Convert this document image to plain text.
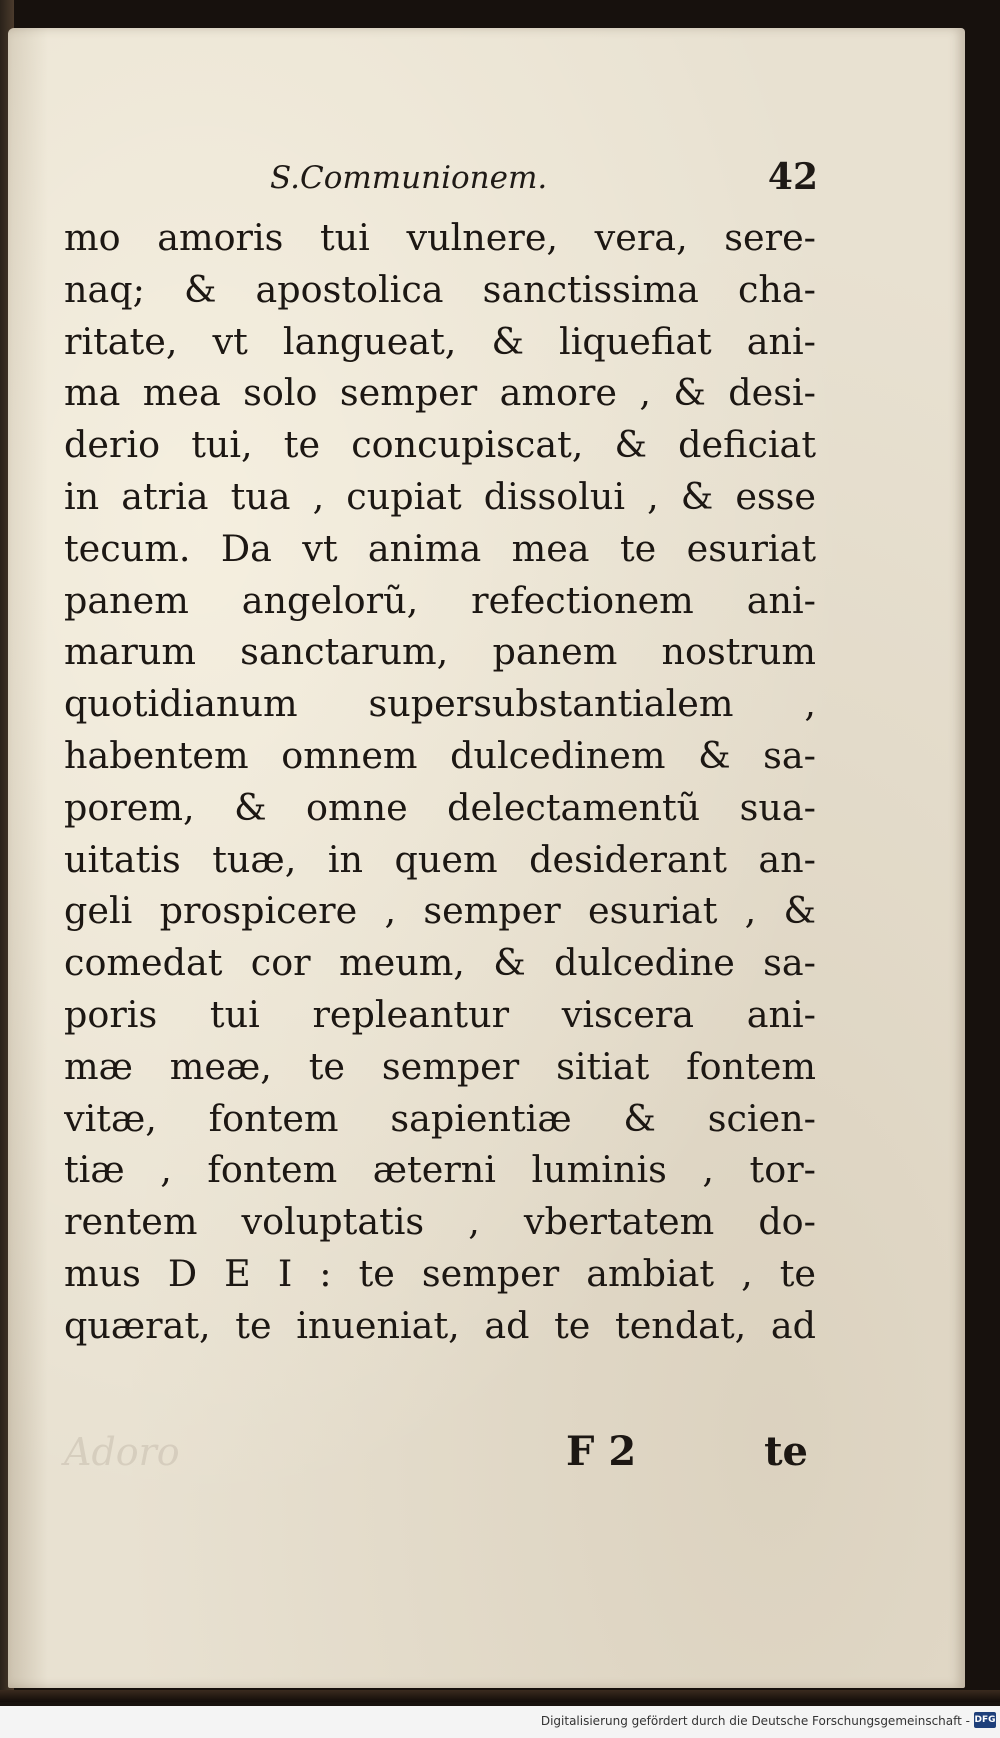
S.Communionem.	42
mo amoris tui vulnere, vera, sere-
naq; & apostolica sanctissima cha-
ritate, vt langueat, & liquefiat ani-
ma mea solo semper amore , & desi-
derio tui, te concupiscat, & deficiat
in atria tua , cupiat dissolui , & esse
tecum. Da vt anima mea te esuriat
panem angelorũ, refectionem ani-
marum sanctarum, panem nostrum
quotidianum supersubstantialem ,
habentem omnem dulcedinem & sa-
porem, & omne delectamentũ sua-
uitatis tuæ, in quem desiderant an-
geli prospicere , semper esuriat , &
comedat cor meum, & dulcedine sa-
poris tui repleantur viscera ani-
mæ meæ, te semper sitiat fontem
vitæ, fontem sapientiæ & scien-
tiæ , fontem æterni luminis , tor-
rentem voluptatis , vbertatem do-
mus D E I : te semper ambiat , te
quærat, te inueniat, ad te tendat, ad
Adoro	F 2	te
Digitalisierung gefördert durch die Deutsche Forschungsgemeinschaft - DFG
